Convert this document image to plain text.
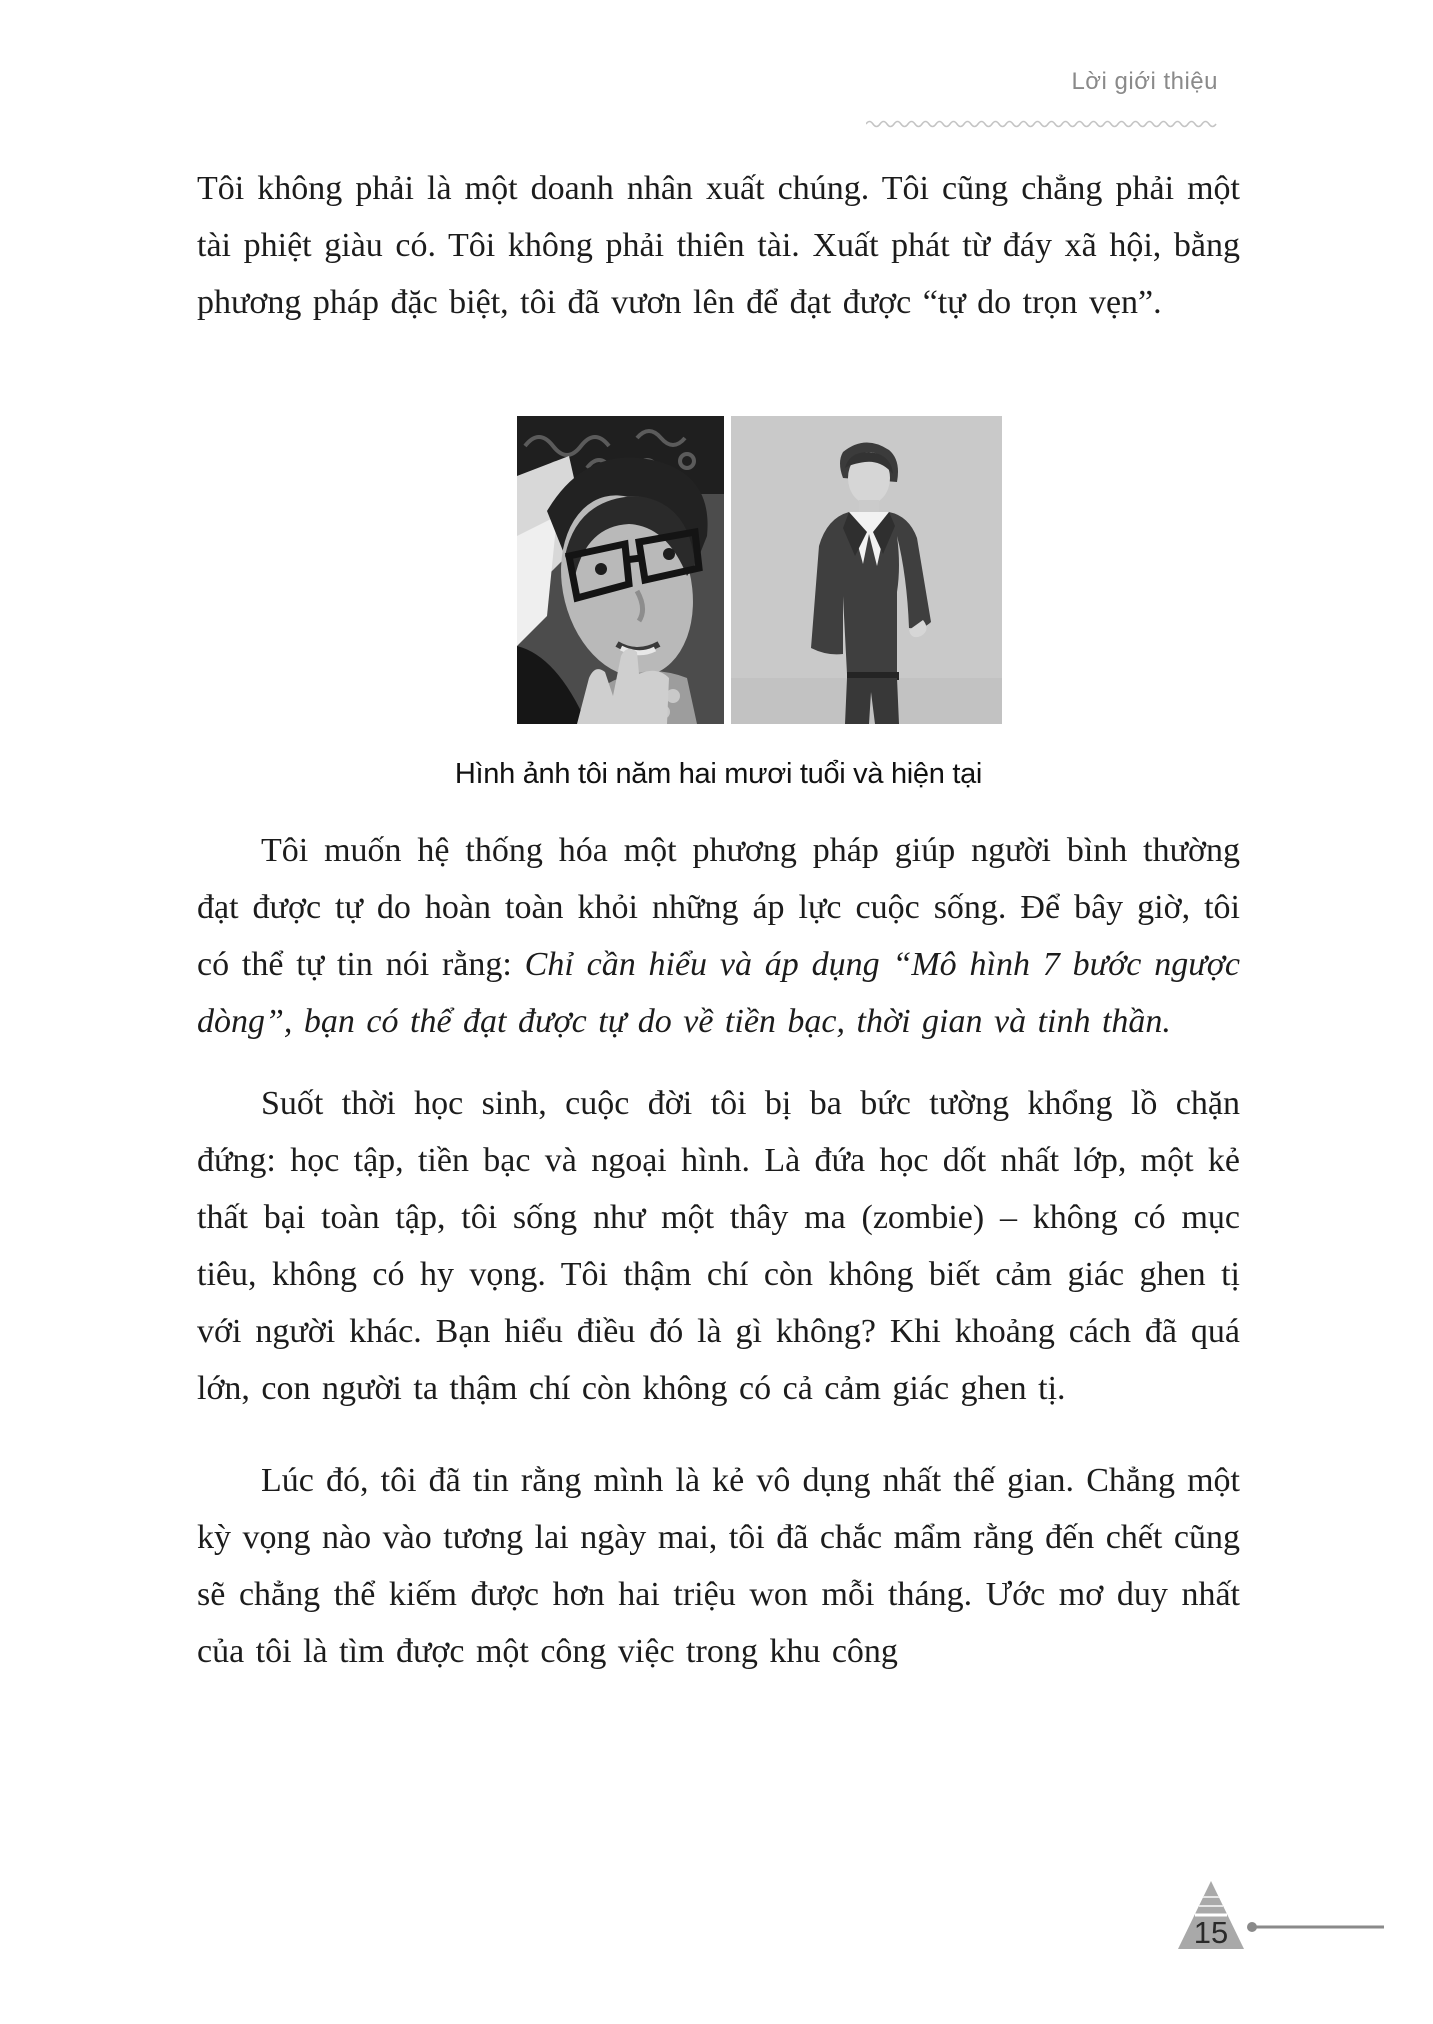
Lời giới thiệu

Tôi không phải là một doanh nhân xuất chúng. Tôi cũng chẳng phải một tài phiệt giàu có. Tôi không phải thiên tài. Xuất phát từ đáy xã hội, bằng phương pháp đặc biệt, tôi đã vươn lên để đạt được “tự do trọn vẹn”.

Hình ảnh tôi năm hai mươi tuổi và hiện tại

Tôi muốn hệ thống hóa một phương pháp giúp người bình thường đạt được tự do hoàn toàn khỏi những áp lực cuộc sống. Để bây giờ, tôi có thể tự tin nói rằng: Chỉ cần hiểu và áp dụng “Mô hình 7 bước ngược dòng”, bạn có thể đạt được tự do về tiền bạc, thời gian và tinh thần.

Suốt thời học sinh, cuộc đời tôi bị ba bức tường khổng lồ chặn đứng: học tập, tiền bạc và ngoại hình. Là đứa học dốt nhất lớp, một kẻ thất bại toàn tập, tôi sống như một thây ma (zombie) – không có mục tiêu, không có hy vọng. Tôi thậm chí còn không biết cảm giác ghen tị với người khác. Bạn hiểu điều đó là gì không? Khi khoảng cách đã quá lớn, con người ta thậm chí còn không có cả cảm giác ghen tị.

Lúc đó, tôi đã tin rằng mình là kẻ vô dụng nhất thế gian. Chẳng một kỳ vọng nào vào tương lai ngày mai, tôi đã chắc mẩm rằng đến chết cũng sẽ chẳng thể kiếm được hơn hai triệu won mỗi tháng. Ước mơ duy nhất của tôi là tìm được một công việc trong khu công

15
